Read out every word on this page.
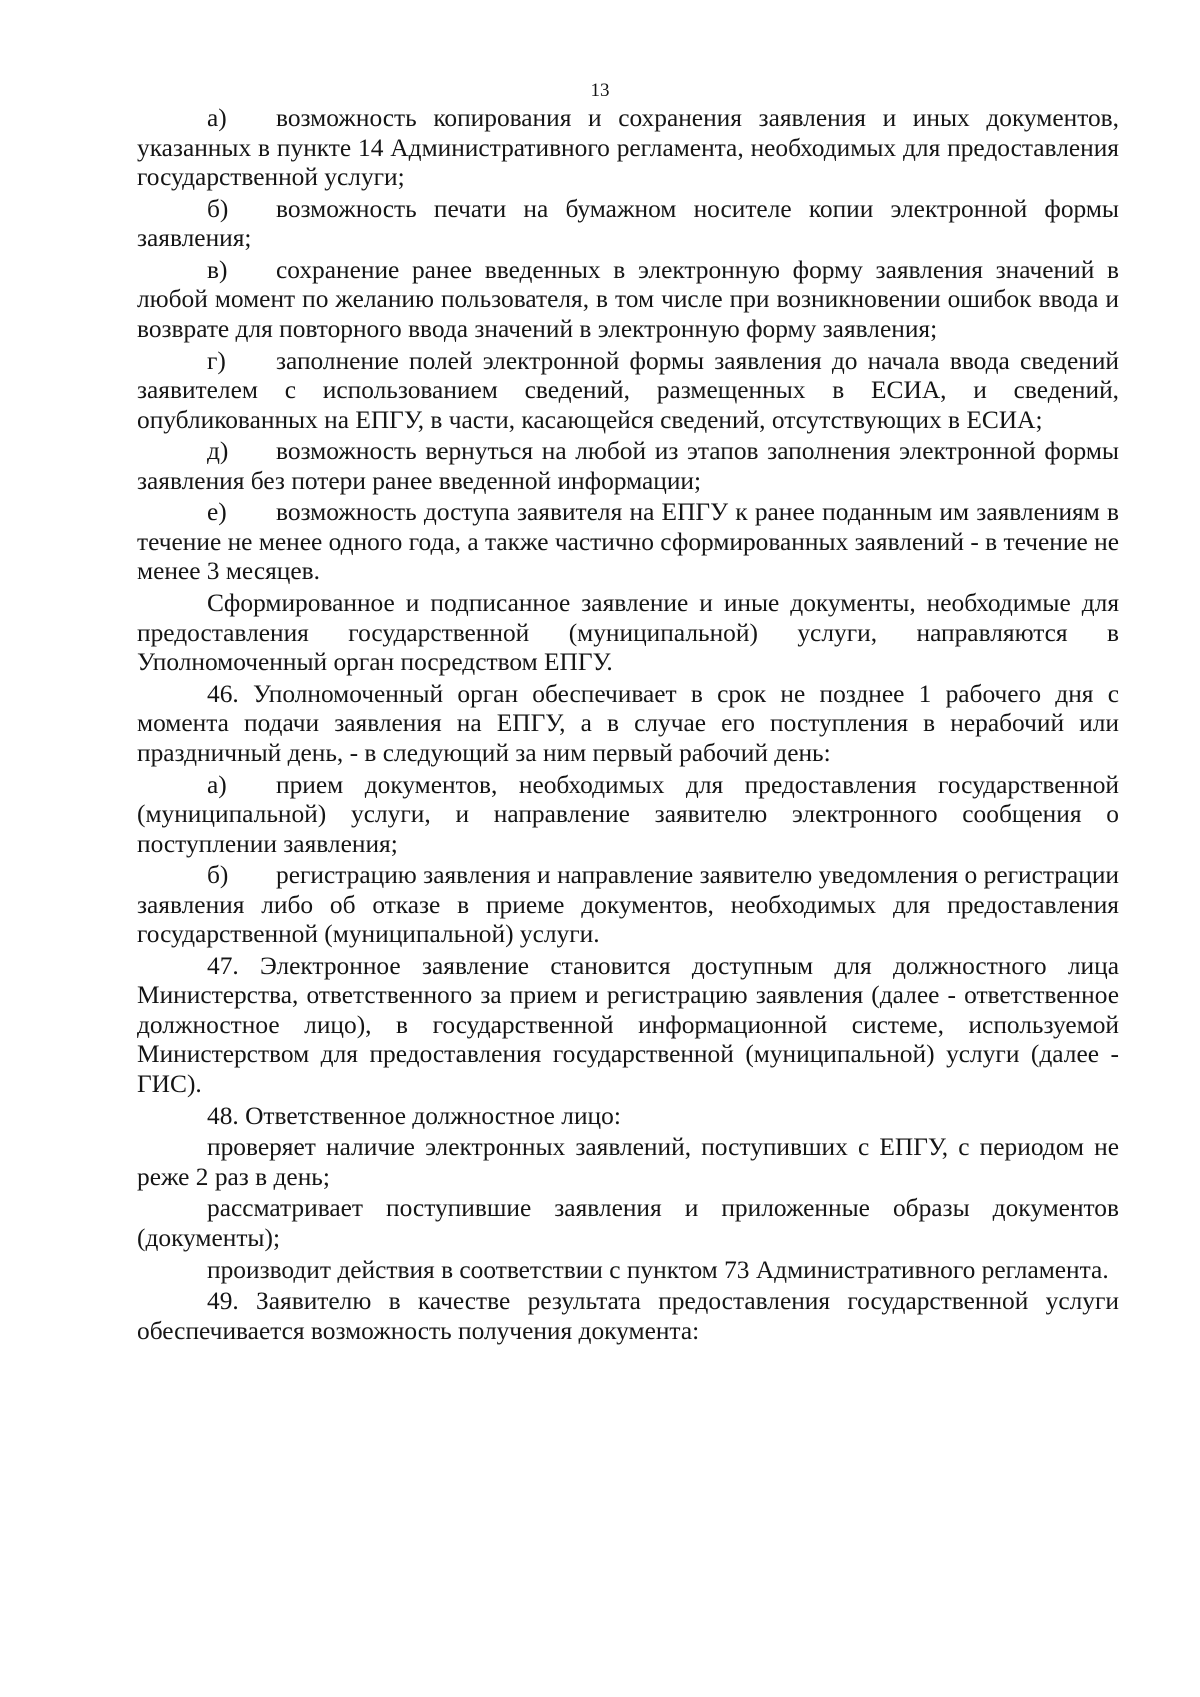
13

а) возможность копирования и сохранения заявления и иных документов, указанных в пункте 14 Административного регламента, необходимых для предоставления государственной услуги;

б) возможность печати на бумажном носителе копии электронной формы заявления;

в) сохранение ранее введенных в электронную форму заявления значений в любой момент по желанию пользователя, в том числе при возникновении ошибок ввода и возврате для повторного ввода значений в электронную форму заявления;

г) заполнение полей электронной формы заявления до начала ввода сведений заявителем с использованием сведений, размещенных в ЕСИА, и сведений, опубликованных на ЕПГУ, в части, касающейся сведений, отсутствующих в ЕСИА;

д) возможность вернуться на любой из этапов заполнения электронной формы заявления без потери ранее введенной информации;

е) возможность доступа заявителя на ЕПГУ к ранее поданным им заявлениям в течение не менее одного года, а также частично сформированных заявлений - в течение не менее 3 месяцев.

Сформированное и подписанное заявление и иные документы, необходимые для предоставления государственной (муниципальной) услуги, направляются в Уполномоченный орган посредством ЕПГУ.

46. Уполномоченный орган обеспечивает в срок не позднее 1 рабочего дня с момента подачи заявления на ЕПГУ, а в случае его поступления в нерабочий или праздничный день, - в следующий за ним первый рабочий день:

а) прием документов, необходимых для предоставления государственной (муниципальной) услуги, и направление заявителю электронного сообщения о поступлении заявления;

б) регистрацию заявления и направление заявителю уведомления о регистрации заявления либо об отказе в приеме документов, необходимых для предоставления государственной (муниципальной) услуги.

47. Электронное заявление становится доступным для должностного лица Министерства, ответственного за прием и регистрацию заявления (далее - ответственное должностное лицо), в государственной информационной системе, используемой Министерством для предоставления государственной (муниципальной) услуги (далее - ГИС).

48. Ответственное должностное лицо:

проверяет наличие электронных заявлений, поступивших с ЕПГУ, с периодом не реже 2 раз в день;

рассматривает поступившие заявления и приложенные образы документов (документы);

производит действия в соответствии с пунктом 73 Административного регламента.

49. Заявителю в качестве результата предоставления государственной услуги обеспечивается возможность получения документа:
